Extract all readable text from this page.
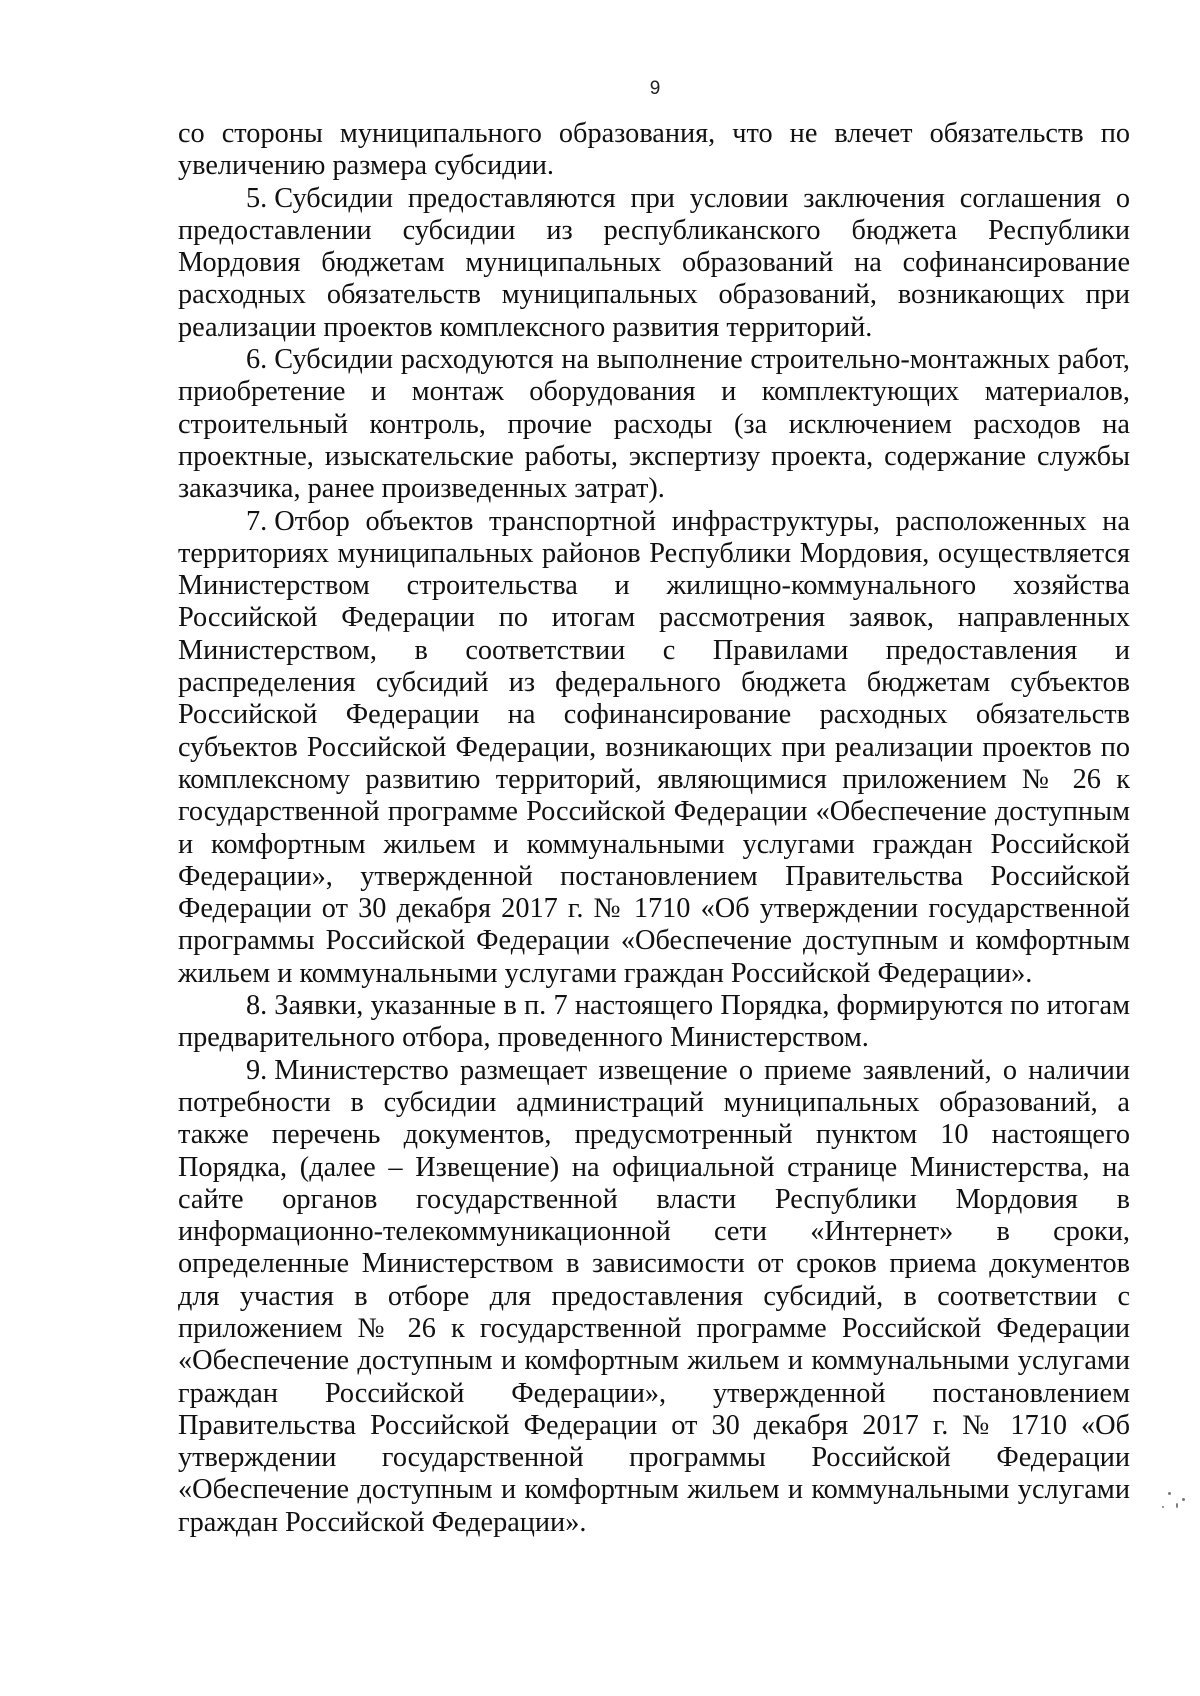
9

со стороны муниципального образования, что не влечет обязательств по увеличению размера субсидии.

5. Субсидии предоставляются при условии заключения соглашения о предоставлении субсидии из республиканского бюджета Республики Мордовия бюджетам муниципальных образований на софинансирование расходных обязательств муниципальных образований, возникающих при реализации проектов комплексного развития территорий.

6. Субсидии расходуются на выполнение строительно-монтажных работ, приобретение и монтаж оборудования и комплектующих материалов, строительный контроль, прочие расходы (за исключением расходов на проектные, изыскательские работы, экспертизу проекта, содержание службы заказчика, ранее произведенных затрат).

7. Отбор объектов транспортной инфраструктуры, расположенных на территориях муниципальных районов Республики Мордовия, осуществляется Министерством строительства и жилищно-коммунального хозяйства Российской Федерации по итогам рассмотрения заявок, направленных Министерством, в соответствии с Правилами предоставления и распределения субсидий из федерального бюджета бюджетам субъектов Российской Федерации на софинансирование расходных обязательств субъектов Российской Федерации, возникающих при реализации проектов по комплексному развитию территорий, являющимися приложением № 26 к государственной программе Российской Федерации «Обеспечение доступным и комфортным жильем и коммунальными услугами граждан Российской Федерации», утвержденной постановлением Правительства Российской Федерации от 30 декабря 2017 г. № 1710 «Об утверждении государственной программы Российской Федерации «Обеспечение доступным и комфортным жильем и коммунальными услугами граждан Российской Федерации».

8. Заявки, указанные в п. 7 настоящего Порядка, формируются по итогам предварительного отбора, проведенного Министерством.

9. Министерство размещает извещение о приеме заявлений, о наличии потребности в субсидии администраций муниципальных образований, а также перечень документов, предусмотренный пунктом 10 настоящего Порядка, (далее – Извещение) на официальной странице Министерства, на сайте органов государственной власти Республики Мордовия в информационно-телекоммуникационной сети «Интернет» в сроки, определенные Министерством в зависимости от сроков приема документов для участия в отборе для предоставления субсидий, в соответствии с приложением № 26 к государственной программе Российской Федерации «Обеспечение доступным и комфортным жильем и коммунальными услугами граждан Российской Федерации», утвержденной постановлением Правительства Российской Федерации от 30 декабря 2017 г. № 1710 «Об утверждении государственной программы Российской Федерации «Обеспечение доступным и комфортным жильем и коммунальными услугами граждан Российской Федерации».
